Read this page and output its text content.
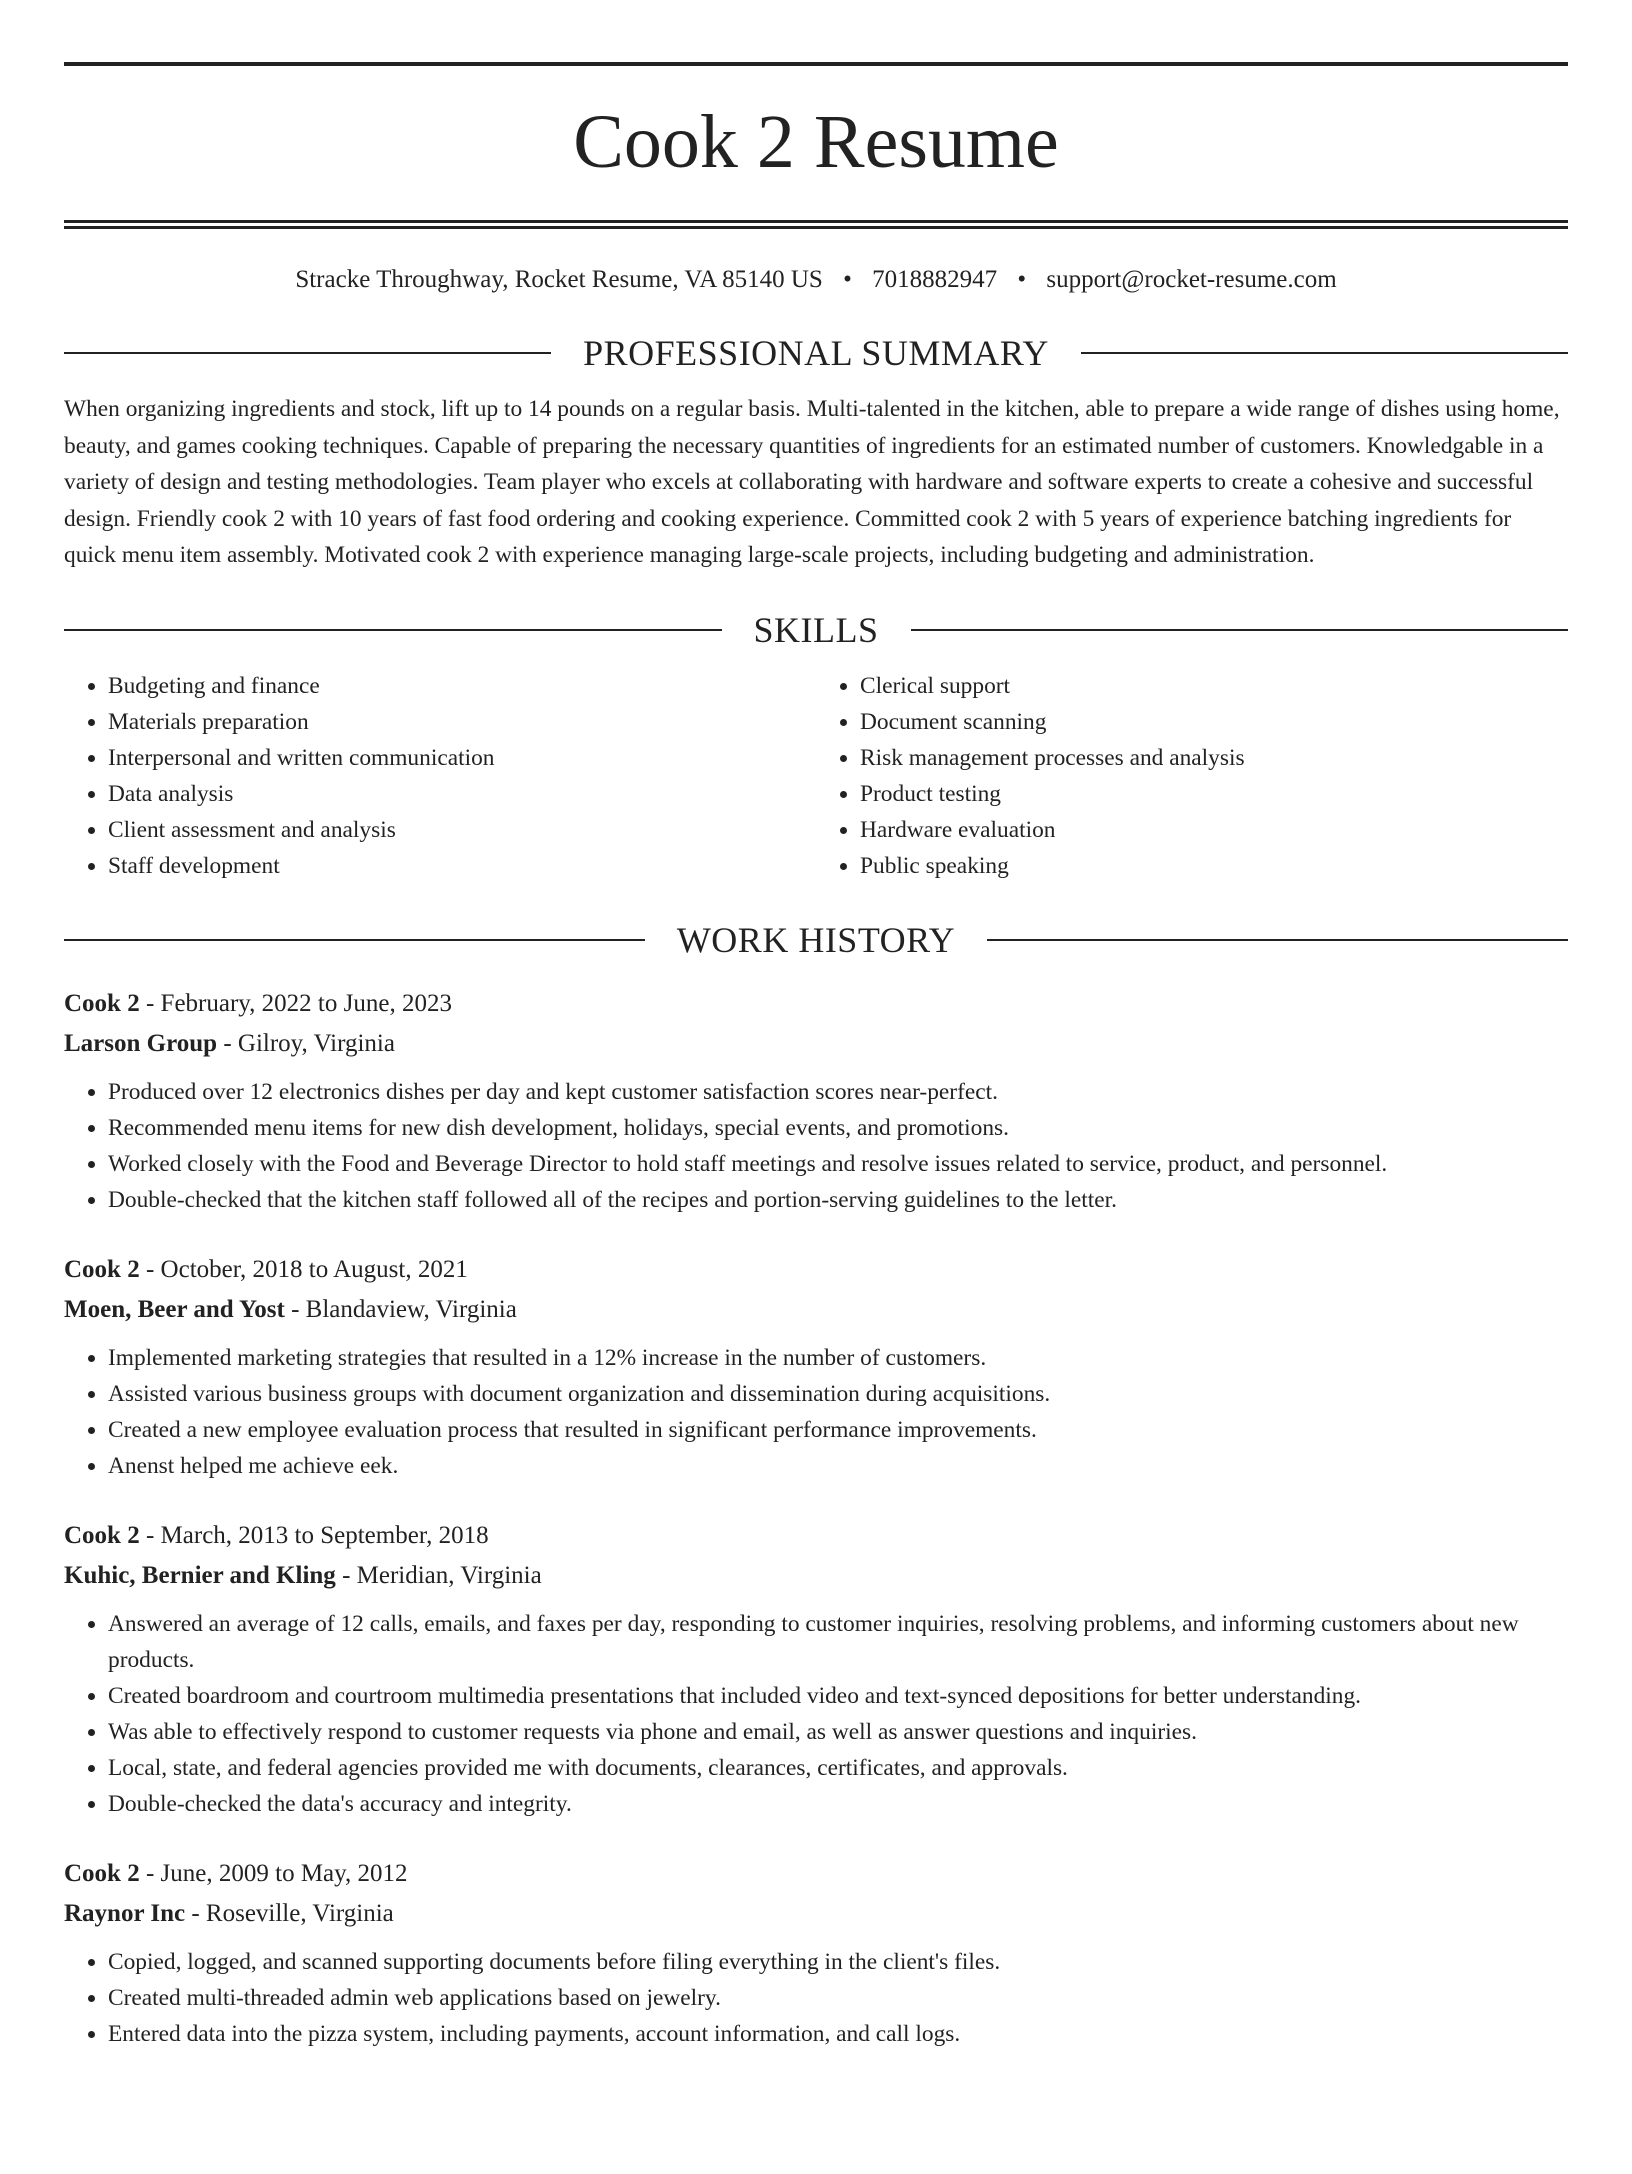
Cook 2 Resume
Stracke Throughway, Rocket Resume, VA 85140 US • 7018882947 • support@rocket-resume.com
PROFESSIONAL SUMMARY

When organizing ingredients and stock, lift up to 14 pounds on a regular basis. Multi-talented in the kitchen, able to prepare a wide range of dishes using home, beauty, and games cooking techniques. Capable of preparing the necessary quantities of ingredients for an estimated number of customers. Knowledgable in a variety of design and testing methodologies. Team player who excels at collaborating with hardware and software experts to create a cohesive and successful design. Friendly cook 2 with 10 years of fast food ordering and cooking experience. Committed cook 2 with 5 years of experience batching ingredients for quick menu item assembly. Motivated cook 2 with experience managing large-scale projects, including budgeting and administration.

SKILLS
• Budgeting and finance
• Materials preparation
• Interpersonal and written communication
• Data analysis
• Client assessment and analysis
• Staff development
• Clerical support
• Document scanning
• Risk management processes and analysis
• Product testing
• Hardware evaluation
• Public speaking
WORK HISTORY
Cook 2 - February, 2022 to June, 2023
Larson Group - Gilroy, Virginia
• Produced over 12 electronics dishes per day and kept customer satisfaction scores near-perfect.
• Recommended menu items for new dish development, holidays, special events, and promotions.
• Worked closely with the Food and Beverage Director to hold staff meetings and resolve issues related to service, product, and personnel.
• Double-checked that the kitchen staff followed all of the recipes and portion-serving guidelines to the letter.
Cook 2 - October, 2018 to August, 2021
Moen, Beer and Yost - Blandaview, Virginia
• Implemented marketing strategies that resulted in a 12% increase in the number of customers.
• Assisted various business groups with document organization and dissemination during acquisitions.
• Created a new employee evaluation process that resulted in significant performance improvements.
• Anenst helped me achieve eek.
Cook 2 - March, 2013 to September, 2018
Kuhic, Bernier and Kling - Meridian, Virginia
• Answered an average of 12 calls, emails, and faxes per day, responding to customer inquiries, resolving problems, and informing customers about new products.
• Created boardroom and courtroom multimedia presentations that included video and text-synced depositions for better understanding.
• Was able to effectively respond to customer requests via phone and email, as well as answer questions and inquiries.
• Local, state, and federal agencies provided me with documents, clearances, certificates, and approvals.
• Double-checked the data's accuracy and integrity.
Cook 2 - June, 2009 to May, 2012
Raynor Inc - Roseville, Virginia
• Copied, logged, and scanned supporting documents before filing everything in the client's files.
• Created multi-threaded admin web applications based on jewelry.
• Entered data into the pizza system, including payments, account information, and call logs.
